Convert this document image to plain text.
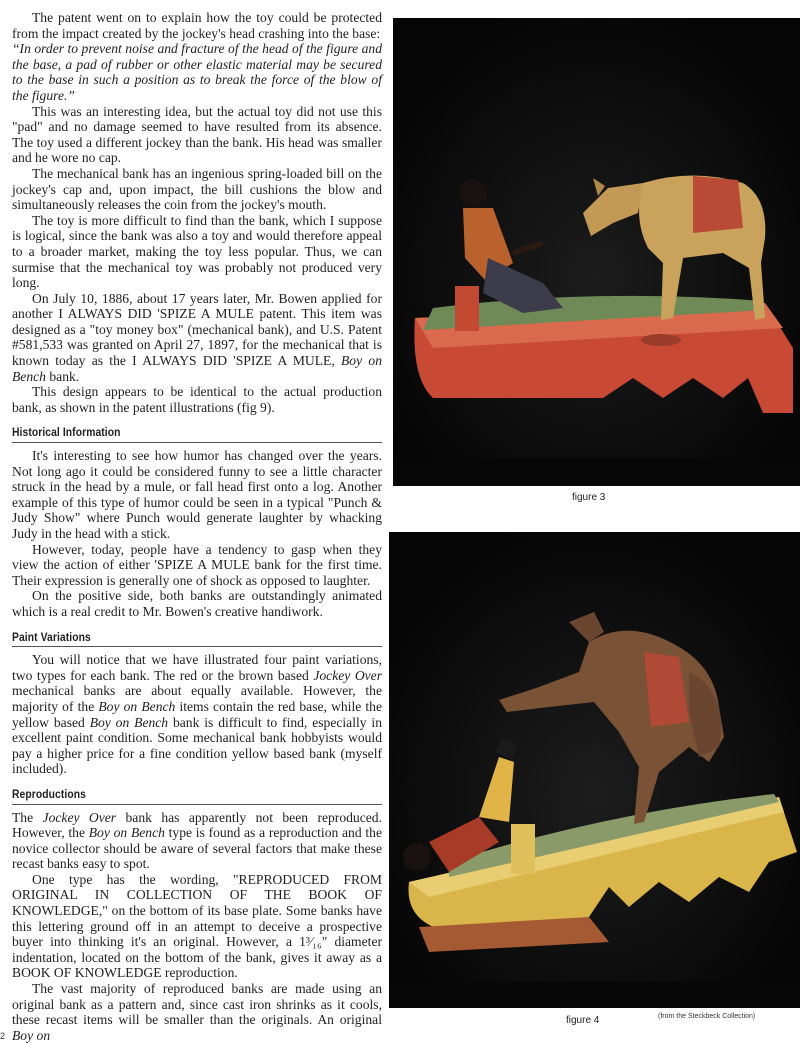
The patent went on to explain how the toy could be protected from the impact created by the jockey's head crashing into the base:

“In order to prevent noise and fracture of the head of the figure and the base, a pad of rubber or other elastic material may be secured to the base in such a position as to break the force of the blow of the figure.”

This was an interesting idea, but the actual toy did not use this "pad" and no damage seemed to have resulted from its absence. The toy used a different jockey than the bank. His head was smaller and he wore no cap.

The mechanical bank has an ingenious spring-loaded bill on the jockey's cap and, upon impact, the bill cushions the blow and simultaneously releases the coin from the jockey's mouth.

The toy is more difficult to find than the bank, which I suppose is logical, since the bank was also a toy and would therefore appeal to a broader market, making the toy less popular. Thus, we can surmise that the mechanical toy was probably not produced very long.

On July 10, 1886, about 17 years later, Mr. Bowen applied for another I ALWAYS DID 'SPIZE A MULE patent. This item was designed as a "toy money box" (mechanical bank), and U.S. Patent #581,533 was granted on April 27, 1897, for the mechanical that is known today as the I ALWAYS DID 'SPIZE A MULE, Boy on Bench bank.

This design appears to be identical to the actual production bank, as shown in the patent illustrations (fig 9).

Historical Information

It's interesting to see how humor has changed over the years. Not long ago it could be considered funny to see a little character struck in the head by a mule, or fall head first onto a log. Another example of this type of humor could be seen in a typical "Punch & Judy Show" where Punch would generate laughter by whacking Judy in the head with a stick.

However, today, people have a tendency to gasp when they view the action of either 'SPIZE A MULE bank for the first time. Their expression is generally one of shock as opposed to laughter.

On the positive side, both banks are outstandingly animated which is a real credit to Mr. Bowen's creative handiwork.

Paint Variations

You will notice that we have illustrated four paint variations, two types for each bank. The red or the brown based Jockey Over mechanical banks are about equally available. However, the majority of the Boy on Bench items contain the red base, while the yellow based Boy on Bench bank is difficult to find, especially in excellent paint condition. Some mechanical bank hobbyists would pay a higher price for a fine condition yellow based bank (myself included).

Reproductions

The Jockey Over bank has apparently not been reproduced. However, the Boy on Bench type is found as a reproduction and the novice collector should be aware of several factors that make these recast banks easy to spot.

One type has the wording, "REPRODUCED FROM ORIGINAL IN COLLECTION OF THE BOOK OF KNOWLEDGE," on the bottom of its base plate. Some banks have this lettering ground off in an attempt to deceive a prospective buyer into thinking it's an original. However, a 1³⁄₁₆" diameter indentation, located on the bottom of the bank, gives it away as a BOOK OF KNOWLEDGE reproduction.

The vast majority of reproduced banks are made using an original bank as a pattern and, since cast iron shrinks as it cools, these recast items will be smaller than the originals. An original Boy on

figure 3
figure 4	(from the Steckbeck Collection)
2
